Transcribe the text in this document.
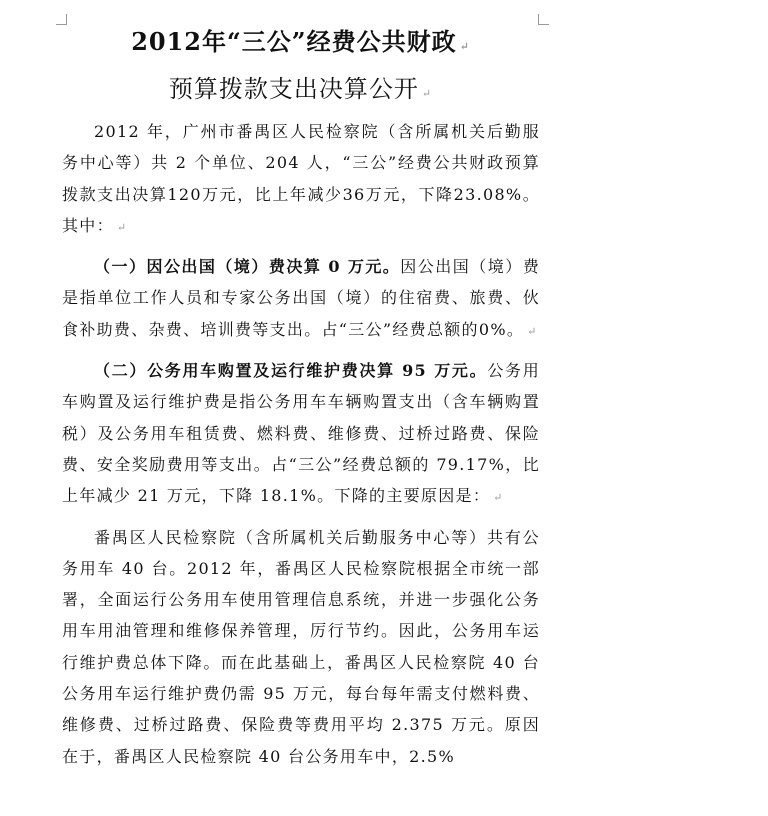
2012年“三公”经费公共财政 ↵
预算拨款支出决算公开 ↵

2012 年，广州市番禺区人民检察院（含所属机关后勤服务中心等）共 2 个单位、204 人，“三公”经费公共财政预算拨款支出决算120万元，比上年减少36万元，下降23.08%。其中： ↵

（一）因公出国（境）费决算 0 万元。因公出国（境）费是指单位工作人员和专家公务出国（境）的住宿费、旅费、伙食补助费、杂费、培训费等支出。占“三公”经费总额的0%。 ↵

（二）公务用车购置及运行维护费决算 95 万元。公务用车购置及运行维护费是指公务用车车辆购置支出（含车辆购置税）及公务用车租赁费、燃料费、维修费、过桥过路费、保险费、安全奖励费用等支出。占“三公”经费总额的 79.17%，比上年减少 21 万元，下降 18.1%。下降的主要原因是： ↵

番禺区人民检察院（含所属机关后勤服务中心等）共有公务用车 40 台。2012 年，番禺区人民检察院根据全市统一部署，全面运行公务用车使用管理信息系统，并进一步强化公务用车用油管理和维修保养管理，厉行节约。因此，公务用车运行维护费总体下降。而在此基础上，番禺区人民检察院 40 台公务用车运行维护费仍需 95 万元，每台每年需支付燃料费、维修费、过桥过路费、保险费等费用平均 2.375 万元。原因在于，番禺区人民检察院 40 台公务用车中，2.5%
